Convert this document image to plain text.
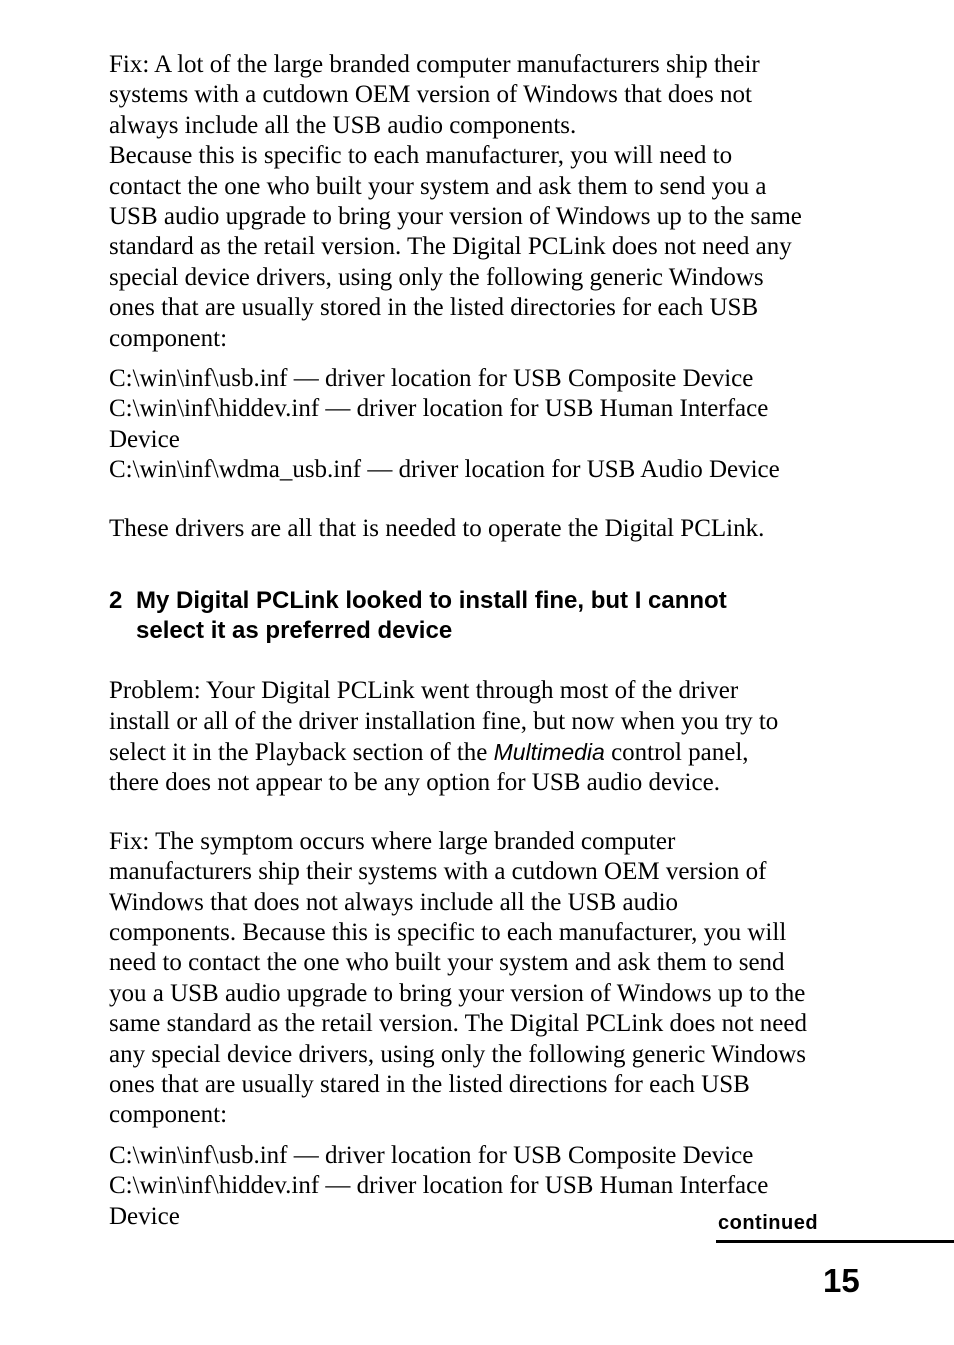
Fix: A lot of the large branded computer manufacturers ship their
systems with a cutdown OEM version of Windows that does not
always include all the USB audio components.
Because this is specific to each manufacturer, you will need to
contact the one who built your system and ask them to send you a
USB audio upgrade to bring your version of Windows up to the same
standard as the retail version. The Digital PCLink does not need any
special device drivers, using only the following generic Windows
ones that are usually stored in the listed directories for each USB
component:

C:\win\inf\usb.inf — driver location for USB Composite Device

C:\win\inf\hiddev.inf — driver location for USB Human Interface
Device

C:\win\inf\wdma_usb.inf — driver location for USB Audio Device

These drivers are all that is needed to operate the Digital PCLink.

2 My Digital PCLink looked to install fine, but I cannot
select it as preferred device

Problem: Your Digital PCLink went through most of the driver
install or all of the driver installation fine, but now when you try to
select it in the Playback section of the Multimedia control panel,
there does not appear to be any option for USB audio device.

Fix: The symptom occurs where large branded computer
manufacturers ship their systems with a cutdown OEM version of
Windows that does not always include all the USB audio
components. Because this is specific to each manufacturer, you will
need to contact the one who built your system and ask them to send
you a USB audio upgrade to bring your version of Windows up to the
same standard as the retail version. The Digital PCLink does not need
any special device drivers, using only the following generic Windows
ones that are usually stared in the listed directions for each USB
component:

C:\win\inf\usb.inf — driver location for USB Composite Device

C:\win\inf\hiddev.inf — driver location for USB Human Interface
Device	continued
15
